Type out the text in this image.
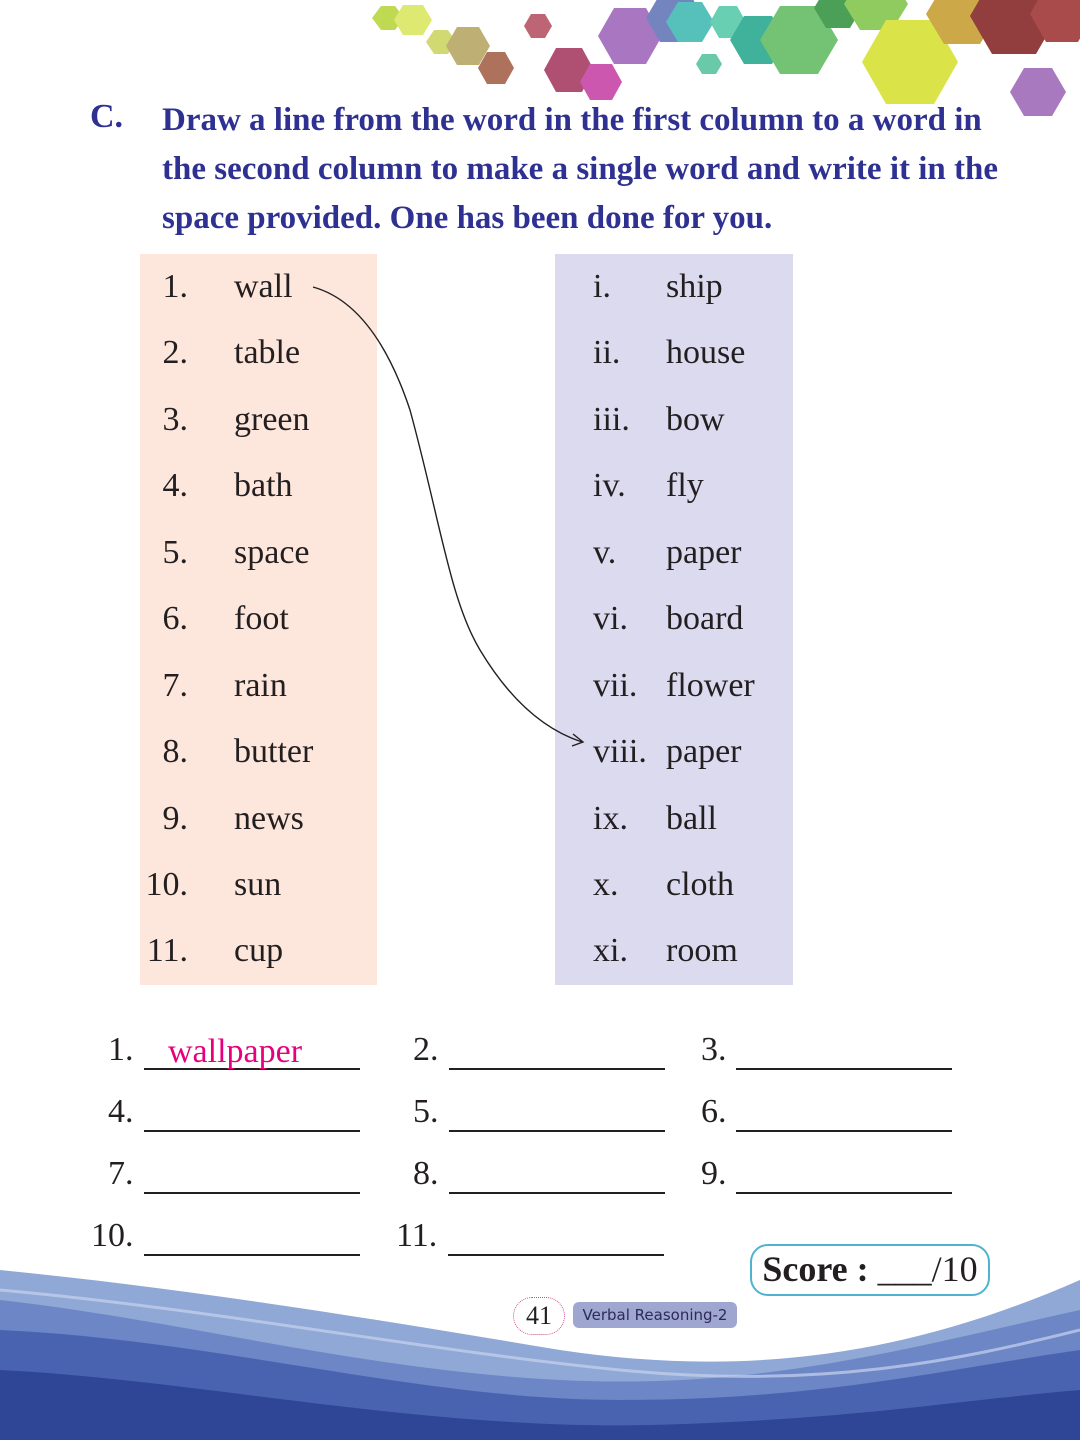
C. Draw a line from the word in the first column to a word in the second column to make a single word and write it in the space provided. One has been done for you.
1. wall
2. table
3. green
4. bath
5. space
6. foot
7. rain
8. butter
9. news
10. sun
11. cup
i. ship
ii. house
iii. bow
iv. fly
v. paper
vi. board
vii. flower
viii. paper
ix. ball
x. cloth
xi. room
1. wallpaper	2.	3.
4.	5.	6.
7.	8.	9.
10.	11.
Score : ___/10
41	Verbal Reasoning-2
